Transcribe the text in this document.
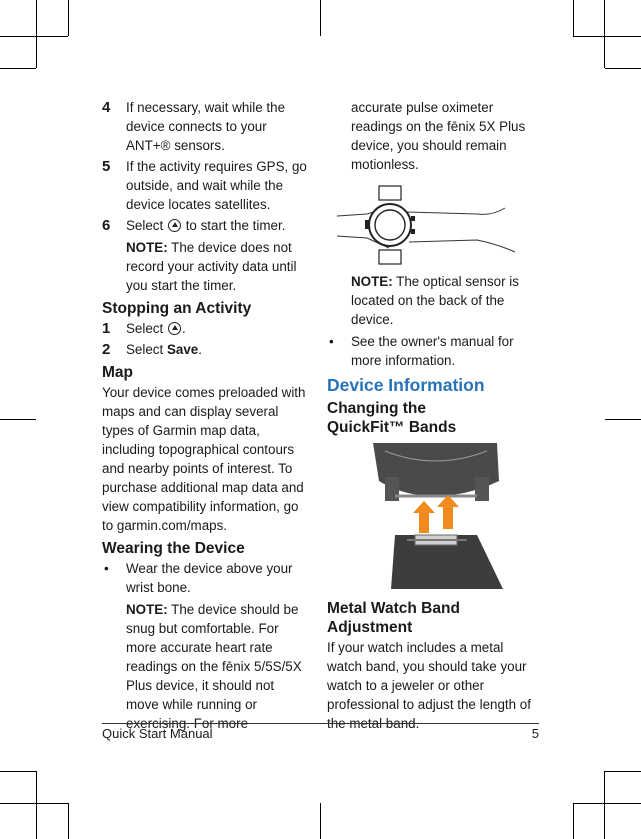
4 If necessary, wait while the device connects to your ANT+® sensors.
5 If the activity requires GPS, go outside, and wait while the device locates satellites.
6 Select to start the timer.
NOTE: The device does not record your activity data until you start the timer.
Stopping an Activity
1 Select .
2 Select Save.
Map

Your device comes preloaded with maps and can display several types of Garmin map data, including topographical contours and nearby points of interest. To purchase additional map data and view compatibility information, go to garmin.com/maps.

Wearing the Device
• Wear the device above your wrist bone.
NOTE: The device should be snug but comfortable. For more accurate heart rate readings on the fēnix 5/5S/5X Plus device, it should not move while running or exercising. For more
accurate pulse oximeter readings on the fēnix 5X Plus device, you should remain motionless.
NOTE: The optical sensor is located on the back of the device.
• See the owner's manual for more information.
Device Information
Changing the QuickFit™ Bands
Metal Watch Band Adjustment

If your watch includes a metal watch band, you should take your watch to a jeweler or other professional to adjust the length of the metal band.

Quick Start Manual	5
